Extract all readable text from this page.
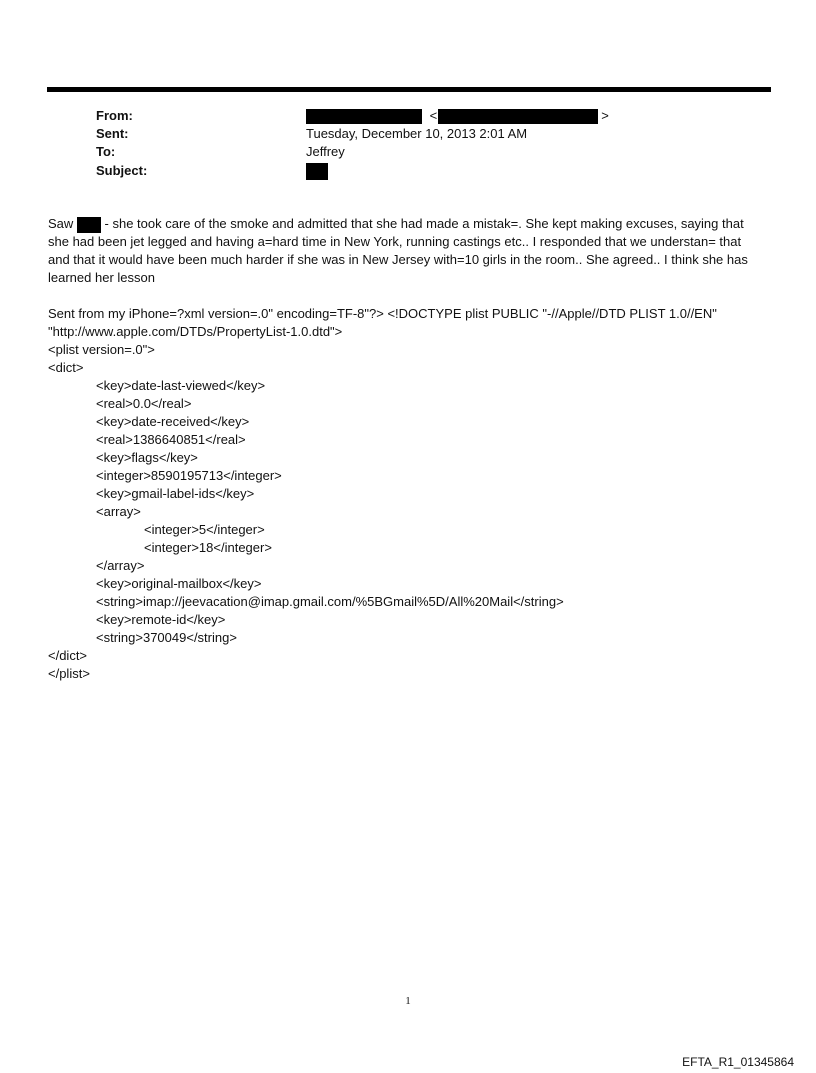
From:	<	>
Sent:	Tuesday, December 10, 2013 2:01 AM
To:	Jeffrey
Subject:

Saw  - she took care of the smoke and admitted that she had made a mistak=. She kept making excuses, saying that she had been jet legged and having a=hard time in New York, running castings etc.. I responded that we understan= that and that it would have been much harder if she was in New Jersey with=10 girls in the room.. She agreed.. I think she has learned her lesson

Sent from my iPhone=?xml version=.0" encoding=TF-8"?> <!DOCTYPE plist PUBLIC "-//Apple//DTD PLIST 1.0//EN"
"http://www.apple.com/DTDs/PropertyList-1.0.dtd">
<plist version=.0">
<dict>
<key>date-last-viewed</key>
<real>0.0</real>
<key>date-received</key>
<real>1386640851</real>
<key>flags</key>
<integer>8590195713</integer>
<key>gmail-label-ids</key>
<array>
<integer>5</integer>
<integer>18</integer>
</array>
<key>original-mailbox</key>
<string>imap://jeevacation@imap.gmail.com/%5BGmail%5D/All%20Mail</string>
<key>remote-id</key>
<string>370049</string>
</dict>
</plist>
1
EFTA_R1_01345864
